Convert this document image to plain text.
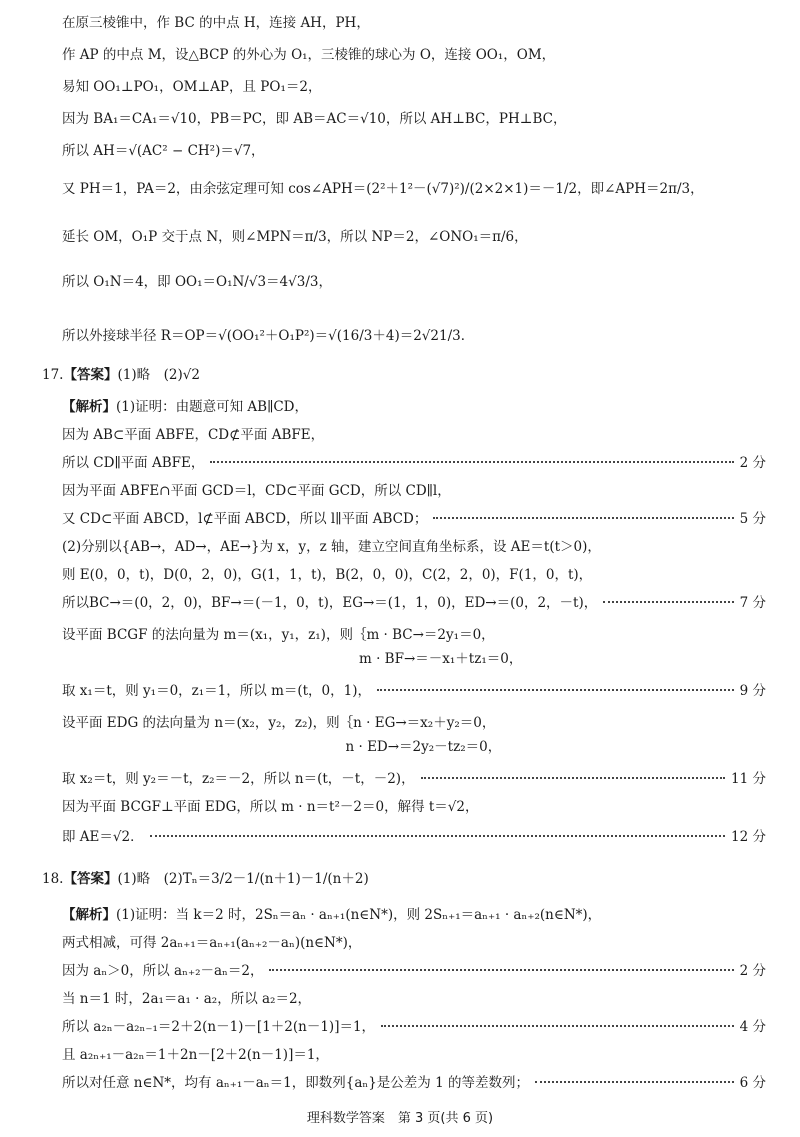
在原三棱锥中，作 BC 的中点 H，连接 AH，PH，
作 AP 的中点 M，设△BCP 的外心为 O₁，三棱锥的球心为 O，连接 OO₁，OM，
易知 OO₁⊥PO₁，OM⊥AP，且 PO₁＝2，
因为 BA₁＝CA₁＝√10，PB＝PC，即 AB＝AC＝√10，所以 AH⊥BC，PH⊥BC，
所以 AH＝√(AC² − CH²)＝√7，
又 PH＝1，PA＝2，由余弦定理可知 cos∠APH＝(2²＋1²－(√7)²)/(2×2×1)＝－1/2，即∠APH＝2π/3，
延长 OM，O₁P 交于点 N，则∠MPN＝π/3，所以 NP＝2，∠ONO₁＝π/6，
所以 O₁N＝4，即 OO₁＝O₁N/√3＝4√3/3，
所以外接球半径 R＝OP＝√(OO₁²＋O₁P²)＝√(16/3＋4)＝2√21/3．
17.【答案】(1)略　(2)√2
【解析】(1)证明：由题意可知 AB∥CD，
因为 AB⊂平面 ABFE，CD⊄平面 ABFE，
所以 CD∥平面 ABFE，	2 分
因为平面 ABFE∩平面 GCD＝l，CD⊂平面 GCD，所以 CD∥l，
又 CD⊂平面 ABCD，l⊄平面 ABCD，所以 l∥平面 ABCD；	5 分
(2)分别以{AB→，AD→，AE→}为 x，y，z 轴，建立空间直角坐标系，设 AE＝t(t＞0)，
则 E(0，0，t)，D(0，2，0)，G(1，1，t)，B(2，0，0)，C(2，2，0)，F(1，0，t)，
所以BC→＝(0，2，0)，BF→＝(－1，0，t)，EG→＝(1，1，0)，ED→＝(0，2，－t)，	7 分
设平面 BCGF 的法向量为 m＝(x₁，y₁，z₁)，则｛m · BC→＝2y₁＝0，
　　　　　　　　　　　　　　　　　　　　　　m · BF→＝－x₁＋tz₁＝0，
取 x₁＝t，则 y₁＝0，z₁＝1，所以 m＝(t，0，1)，	9 分
设平面 EDG 的法向量为 n＝(x₂，y₂，z₂)，则｛n · EG→＝x₂＋y₂＝0，
　　　　　　　　　　　　　　　　　　　　　n · ED→＝2y₂－tz₂＝0，
取 x₂＝t，则 y₂＝－t，z₂＝－2，所以 n＝(t，－t，－2)，	11 分
因为平面 BCGF⊥平面 EDG，所以 m · n＝t²－2＝0，解得 t＝√2，
即 AE＝√2．	12 分
18.【答案】(1)略　(2)Tₙ＝3/2－1/(n＋1)－1/(n＋2)
【解析】(1)证明：当 k＝2 时，2Sₙ＝aₙ · aₙ₊₁(n∈N*)，则 2Sₙ₊₁＝aₙ₊₁ · aₙ₊₂(n∈N*)，
两式相减，可得 2aₙ₊₁＝aₙ₊₁(aₙ₊₂－aₙ)(n∈N*)，
因为 aₙ＞0，所以 aₙ₊₂－aₙ＝2，	2 分
当 n＝1 时，2a₁＝a₁ · a₂，所以 a₂＝2，
所以 a₂ₙ－a₂ₙ₋₁＝2＋2(n－1)－[1＋2(n－1)]＝1，	4 分
且 a₂ₙ₊₁－a₂ₙ＝1＋2n－[2＋2(n－1)]＝1，
所以对任意 n∈N*，均有 aₙ₊₁－aₙ＝1，即数列{aₙ}是公差为 1 的等差数列；	6 分
理科数学答案　第 3 页(共 6 页)
